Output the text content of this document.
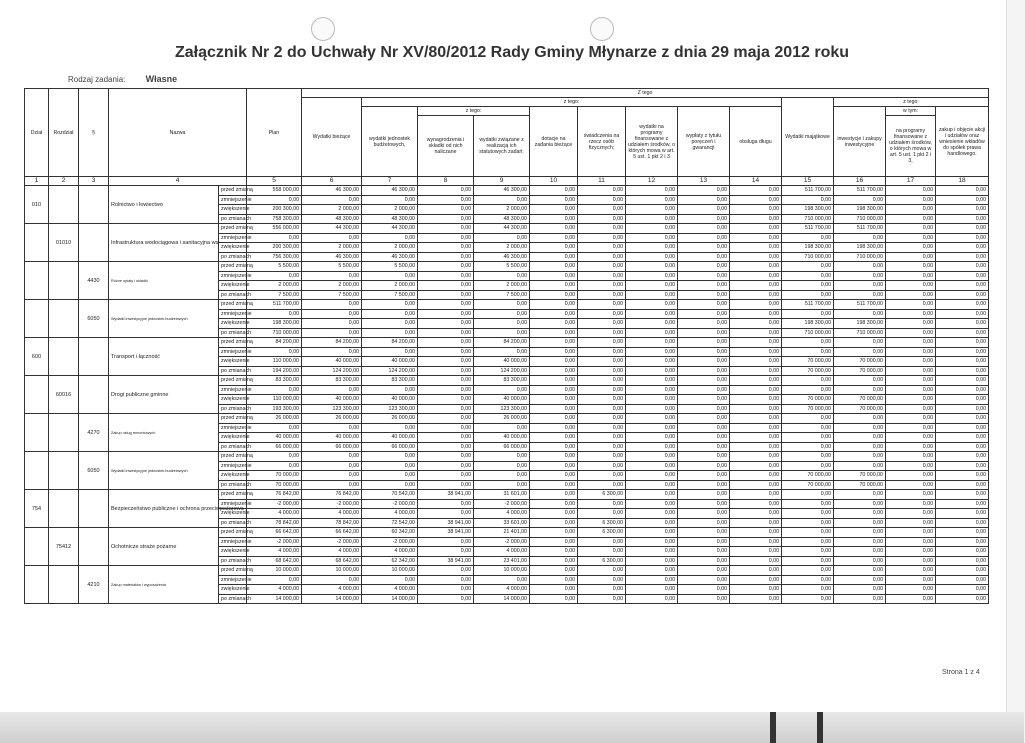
Załącznik Nr 2 do Uchwały Nr XV/80/2012 Rady Gminy Młynarze z dnia 29 maja 2012 roku
Rodzaj zadania: Własne
Dział	Rozdział	§	Nazwa		Plan	Z tego												
						Wydatki bieżące	z tego:								Wydatki majątkowe	z tego:		
							wydatki jednostek budżetowych,	z tego:		dotacje na zadania bieżące	świadczenia na rzecz osób fizycznych;	wydatki na programy finansowane z udziałem środków, o których mowa w art. 5 ust. 1 pkt 2 i 3	wypłaty z tytułu poręczeń i gwarancji	obsługa długu		inwestycje i zakupy inwestycyjne	w tym:	zakup i objęcie akcji i udziałów oraz wniesienie wkładów do spółek prawa handlowego.
								wynagrodzenia i składki od nich naliczane	wydatki związane z realizacją ich statutowych zadań;								na programy finansowane z udziałem środków, o których mowa w art. 5 ust. 1 pkt 2 i 3,	
1	2	3	4		5	6	7	8	9	10	11	12	13	14	15	16	17	18
010			Rolnictwo i łowiectwo	przed zmianą	558 000,00	46 300,00	46 300,00	0,00	46 300,00	0,00	0,00	0,00	0,00	0,00	511 700,00	511 700,00	0,00	0,00
				zmniejszenie	0,00	0,00	0,00	0,00	0,00	0,00	0,00	0,00	0,00	0,00	0,00	0,00	0,00	0,00
				zwiększenie	200 300,00	2 000,00	2 000,00	0,00	2 000,00	0,00	0,00	0,00	0,00	0,00	198 300,00	198 300,00	0,00	0,00
				po zmianach	758 300,00	48 300,00	48 300,00	0,00	48 300,00	0,00	0,00	0,00	0,00	0,00	710 000,00	710 000,00	0,00	0,00
	01010		Infrastruktura wodociągowa i sanitacyjna wsi	przed zmianą	556 000,00	44 300,00	44 300,00	0,00	44 300,00	0,00	0,00	0,00	0,00	0,00	511 700,00	511 700,00	0,00	0,00
				zmniejszenie	0,00	0,00	0,00	0,00	0,00	0,00	0,00	0,00	0,00	0,00	0,00	0,00	0,00	0,00
				zwiększenie	200 300,00	2 000,00	2 000,00	0,00	2 000,00	0,00	0,00	0,00	0,00	0,00	198 300,00	198 300,00	0,00	0,00
				po zmianach	756 300,00	46 300,00	46 300,00	0,00	46 300,00	0,00	0,00	0,00	0,00	0,00	710 000,00	710 000,00	0,00	0,00
		4430	Różne opłaty i składki	przed zmianą	5 500,00	5 500,00	5 500,00	0,00	5 500,00	0,00	0,00	0,00	0,00	0,00	0,00	0,00	0,00	0,00
				zmniejszenie	0,00	0,00	0,00	0,00	0,00	0,00	0,00	0,00	0,00	0,00	0,00	0,00	0,00	0,00
				zwiększenie	2 000,00	2 000,00	2 000,00	0,00	2 000,00	0,00	0,00	0,00	0,00	0,00	0,00	0,00	0,00	0,00
				po zmianach	7 500,00	7 500,00	7 500,00	0,00	7 500,00	0,00	0,00	0,00	0,00	0,00	0,00	0,00	0,00	0,00
		6050	Wydatki inwestycyjne jednostek budżetowych	przed zmianą	511 700,00	0,00	0,00	0,00	0,00	0,00	0,00	0,00	0,00	0,00	511 700,00	511 700,00	0,00	0,00
				zmniejszenie	0,00	0,00	0,00	0,00	0,00	0,00	0,00	0,00	0,00	0,00	0,00	0,00	0,00	0,00
				zwiększenie	198 300,00	0,00	0,00	0,00	0,00	0,00	0,00	0,00	0,00	0,00	198 300,00	198 300,00	0,00	0,00
				po zmianach	710 000,00	0,00	0,00	0,00	0,00	0,00	0,00	0,00	0,00	0,00	710 000,00	710 000,00	0,00	0,00
600			Transport i łączność	przed zmianą	84 200,00	84 200,00	84 200,00	0,00	84 200,00	0,00	0,00	0,00	0,00	0,00	0,00	0,00	0,00	0,00
				zmniejszenie	0,00	0,00	0,00	0,00	0,00	0,00	0,00	0,00	0,00	0,00	0,00	0,00	0,00	0,00
				zwiększenie	110 000,00	40 000,00	40 000,00	0,00	40 000,00	0,00	0,00	0,00	0,00	0,00	70 000,00	70 000,00	0,00	0,00
				po zmianach	194 200,00	124 200,00	124 200,00	0,00	124 200,00	0,00	0,00	0,00	0,00	0,00	70 000,00	70 000,00	0,00	0,00
	60016		Drogi publiczne gminne	przed zmianą	83 300,00	83 300,00	83 300,00	0,00	83 300,00	0,00	0,00	0,00	0,00	0,00	0,00	0,00	0,00	0,00
				zmniejszenie	0,00	0,00	0,00	0,00	0,00	0,00	0,00	0,00	0,00	0,00	0,00	0,00	0,00	0,00
				zwiększenie	110 000,00	40 000,00	40 000,00	0,00	40 000,00	0,00	0,00	0,00	0,00	0,00	70 000,00	70 000,00	0,00	0,00
				po zmianach	193 300,00	123 300,00	123 300,00	0,00	123 300,00	0,00	0,00	0,00	0,00	0,00	70 000,00	70 000,00	0,00	0,00
		4270	Zakup usług remontowych	przed zmianą	26 000,00	26 000,00	26 000,00	0,00	26 000,00	0,00	0,00	0,00	0,00	0,00	0,00	0,00	0,00	0,00
				zmniejszenie	0,00	0,00	0,00	0,00	0,00	0,00	0,00	0,00	0,00	0,00	0,00	0,00	0,00	0,00
				zwiększenie	40 000,00	40 000,00	40 000,00	0,00	40 000,00	0,00	0,00	0,00	0,00	0,00	0,00	0,00	0,00	0,00
				po zmianach	66 000,00	66 000,00	66 000,00	0,00	66 000,00	0,00	0,00	0,00	0,00	0,00	0,00	0,00	0,00	0,00
		6050	Wydatki inwestycyjne jednostek budżetowych	przed zmianą	0,00	0,00	0,00	0,00	0,00	0,00	0,00	0,00	0,00	0,00	0,00	0,00	0,00	0,00
				zmniejszenie	0,00	0,00	0,00	0,00	0,00	0,00	0,00	0,00	0,00	0,00	0,00	0,00	0,00	0,00
				zwiększenie	70 000,00	0,00	0,00	0,00	0,00	0,00	0,00	0,00	0,00	0,00	70 000,00	70 000,00	0,00	0,00
				po zmianach	70 000,00	0,00	0,00	0,00	0,00	0,00	0,00	0,00	0,00	0,00	70 000,00	70 000,00	0,00	0,00
754			Bezpieczeństwo publiczne i ochrona przeciwpożarowa	przed zmianą	76 842,00	76 842,00	70 542,00	38 941,00	31 601,00	0,00	6 300,00	0,00	0,00	0,00	0,00	0,00	0,00	0,00
				zmniejszenie	-2 000,00	-2 000,00	-2 000,00	0,00	-2 000,00	0,00	0,00	0,00	0,00	0,00	0,00	0,00	0,00	0,00
				zwiększenie	4 000,00	4 000,00	4 000,00	0,00	4 000,00	0,00	0,00	0,00	0,00	0,00	0,00	0,00	0,00	0,00
				po zmianach	78 842,00	78 842,00	72 542,00	38 941,00	33 601,00	0,00	6 300,00	0,00	0,00	0,00	0,00	0,00	0,00	0,00
	75412		Ochotnicze straże pożarne	przed zmianą	66 642,00	66 642,00	60 342,00	38 941,00	21 401,00	0,00	6 300,00	0,00	0,00	0,00	0,00	0,00	0,00	0,00
				zmniejszenie	-2 000,00	-2 000,00	-2 000,00	0,00	-2 000,00	0,00	0,00	0,00	0,00	0,00	0,00	0,00	0,00	0,00
				zwiększenie	4 000,00	4 000,00	4 000,00	0,00	4 000,00	0,00	0,00	0,00	0,00	0,00	0,00	0,00	0,00	0,00
				po zmianach	68 642,00	68 642,00	62 342,00	38 941,00	23 401,00	0,00	6 300,00	0,00	0,00	0,00	0,00	0,00	0,00	0,00
		4210	Zakup materiałów i wyposażenia	przed zmianą	10 000,00	10 000,00	10 000,00	0,00	10 000,00	0,00	0,00	0,00	0,00	0,00	0,00	0,00	0,00	0,00
				zmniejszenie	0,00	0,00	0,00	0,00	0,00	0,00	0,00	0,00	0,00	0,00	0,00	0,00	0,00	0,00
				zwiększenie	4 000,00	4 000,00	4 000,00	0,00	4 000,00	0,00	0,00	0,00	0,00	0,00	0,00	0,00	0,00	0,00
				po zmianach	14 000,00	14 000,00	14 000,00	0,00	14 000,00	0,00	0,00	0,00	0,00	0,00	0,00	0,00	0,00	0,00
Strona 1 z 4
